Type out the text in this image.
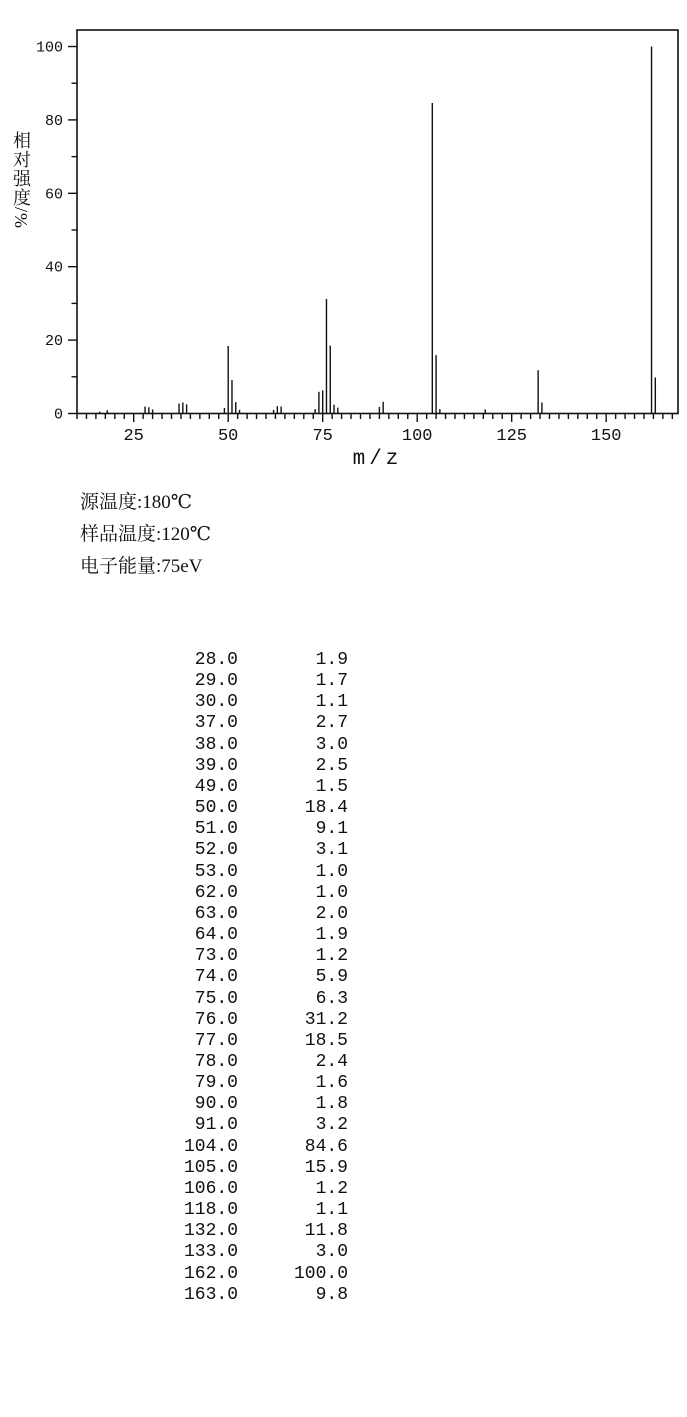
0
20
40
60
80
100
25	50	75	100	125	150
m/z
相对强度/%
源温度:180℃
样品温度:120℃
电子能量:75eV
28.0	1.9
29.0	1.7
30.0	1.1
37.0	2.7
38.0	3.0
39.0	2.5
49.0	1.5
50.0	18.4
51.0	9.1
52.0	3.1
53.0	1.0
62.0	1.0
63.0	2.0
64.0	1.9
73.0	1.2
74.0	5.9
75.0	6.3
76.0	31.2
77.0	18.5
78.0	2.4
79.0	1.6
90.0	1.8
91.0	3.2
104.0	84.6
105.0	15.9
106.0	1.2
118.0	1.1
132.0	11.8
133.0	3.0
162.0	100.0
163.0	9.8
